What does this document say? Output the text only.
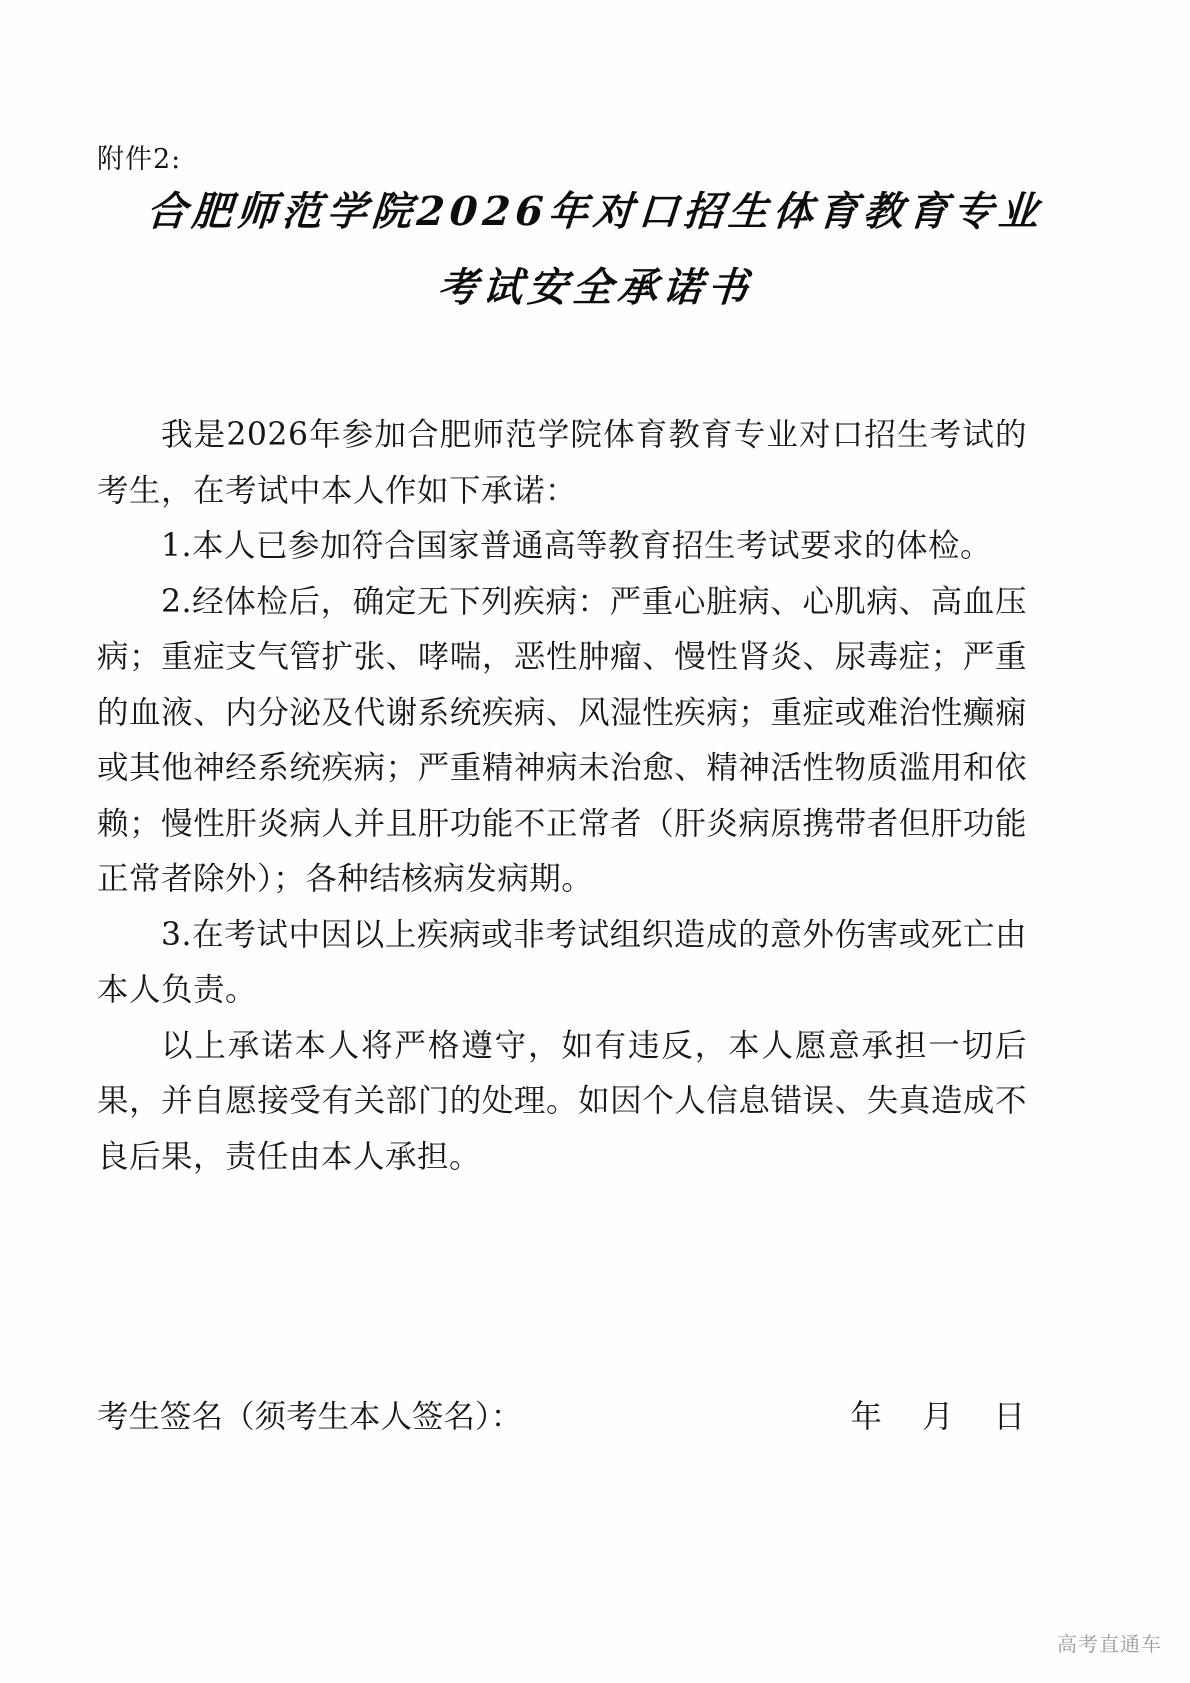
附件2:
合肥师范学院2026年对口招生体育教育专业
考试安全承诺书

我是2026年参加合肥师范学院体育教育专业对口招生考试的考生，在考试中本人作如下承诺：

1.本人已参加符合国家普通高等教育招生考试要求的体检。

2.经体检后，确定无下列疾病：严重心脏病、心肌病、高血压病；重症支气管扩张、哮喘，恶性肿瘤、慢性肾炎、尿毒症；严重的血液、内分泌及代谢系统疾病、风湿性疾病；重症或难治性癫痫或其他神经系统疾病；严重精神病未治愈、精神活性物质滥用和依赖；慢性肝炎病人并且肝功能不正常者（肝炎病原携带者但肝功能正常者除外）；各种结核病发病期。

3.在考试中因以上疾病或非考试组织造成的意外伤害或死亡由本人负责。

以上承诺本人将严格遵守，如有违反，本人愿意承担一切后果，并自愿接受有关部门的处理。如因个人信息错误、失真造成不良后果，责任由本人承担。

考生签名（须考生本人签名）：	年 月 日
高考直通车
